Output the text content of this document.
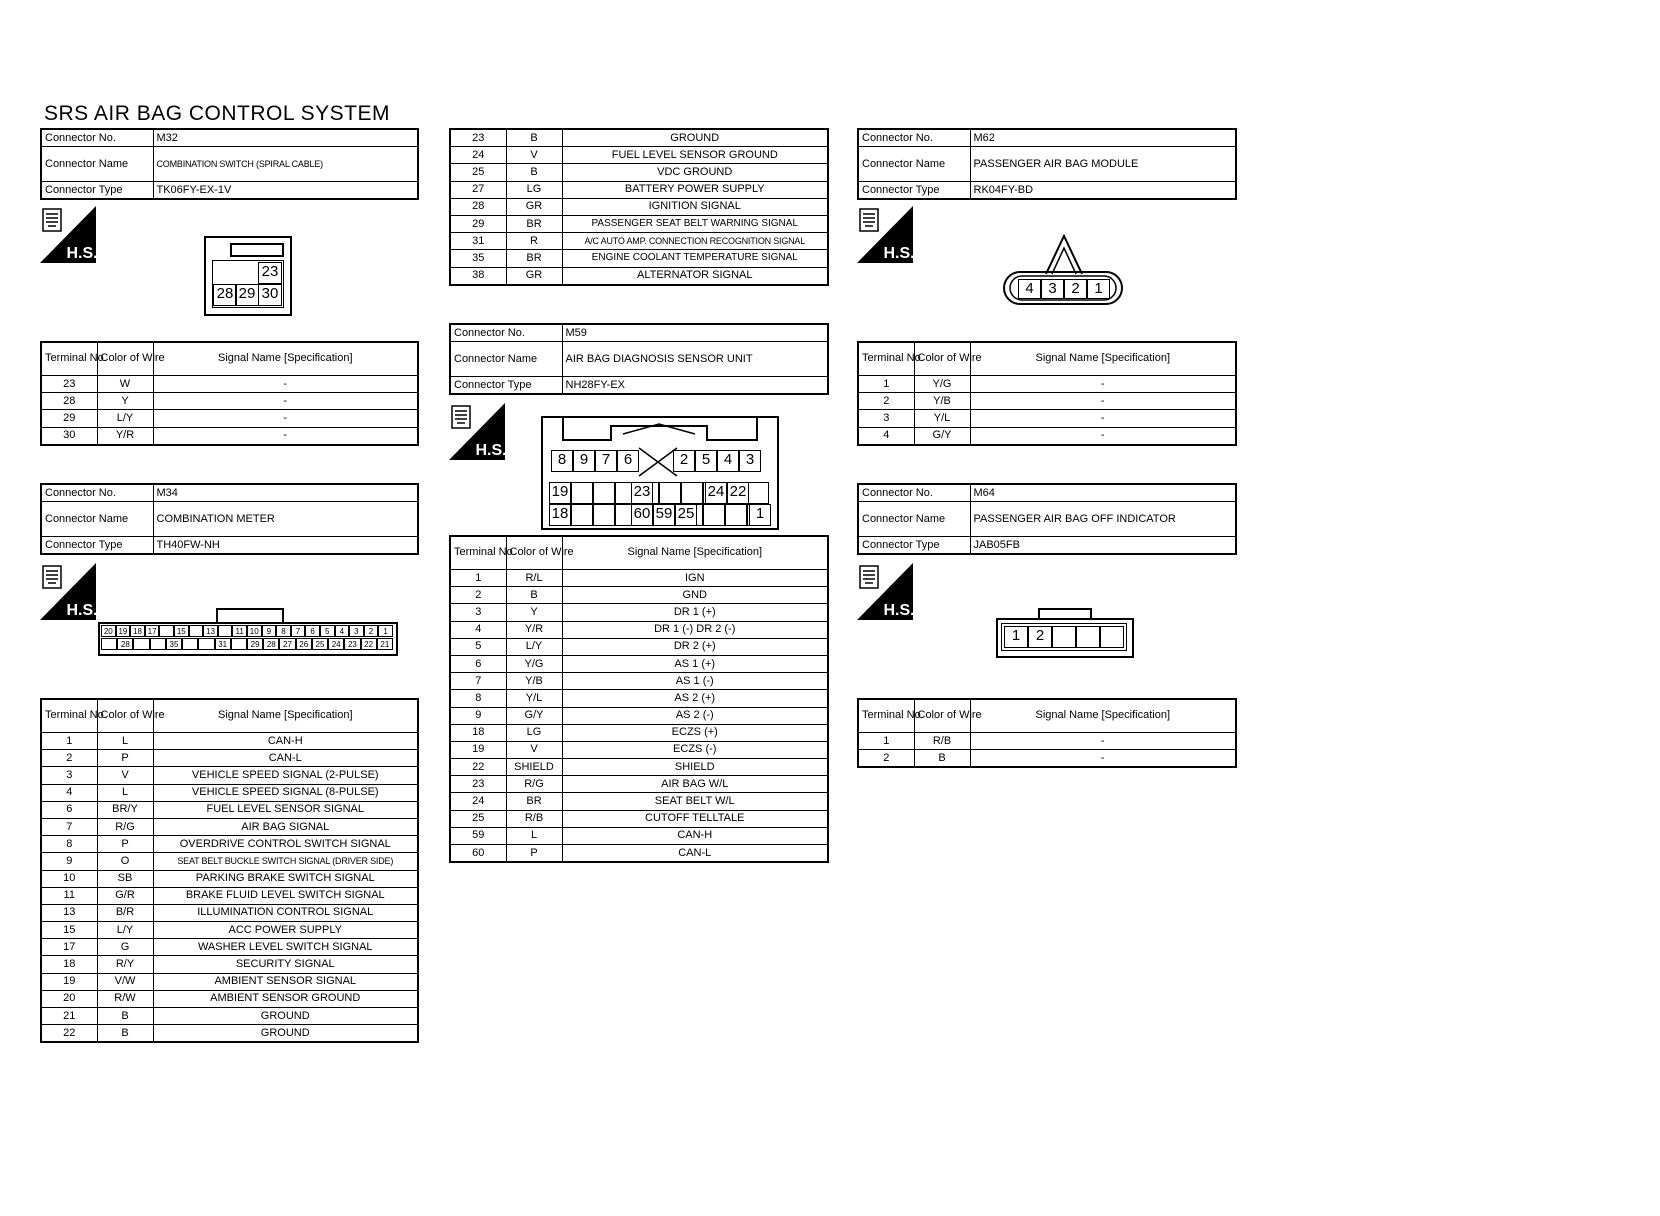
SRS AIR BAG CONTROL SYSTEM
Connector No.	M32
Connector Name	COMBINATION SWITCH (SPIRAL CABLE)
Connector Type	TK06FY-EX-1V
H.S.
23
28 29 30
Terminal No.	Color of Wire	Signal Name [Specification]
23	W	-
28	Y	-
29	L/Y	-
30	Y/R	-
Connector No.	M34
Connector Name	COMBINATION METER
Connector Type	TH40FW-NH
H.S.
20 19 18 17	15	13	11 10 9	8	7	6	5	4	3	2	1
28	35	31	29 28 27 26 25 24 23 22 21
Terminal No.	Color of Wire	Signal Name [Specification]
1	L	CAN-H
2	P	CAN-L
3	V	VEHICLE SPEED SIGNAL (2-PULSE)
4	L	VEHICLE SPEED SIGNAL (8-PULSE)
6	BR/Y	FUEL LEVEL SENSOR SIGNAL
7	R/G	AIR BAG SIGNAL
8	P	OVERDRIVE CONTROL SWITCH SIGNAL
9	O	SEAT BELT BUCKLE SWITCH SIGNAL (DRIVER SIDE)
10	SB	PARKING BRAKE SWITCH SIGNAL
11	G/R	BRAKE FLUID LEVEL SWITCH SIGNAL
13	B/R	ILLUMINATION CONTROL SIGNAL
15	L/Y	ACC POWER SUPPLY
17	G	WASHER LEVEL SWITCH SIGNAL
18	R/Y	SECURITY SIGNAL
19	V/W	AMBIENT SENSOR SIGNAL
20	R/W	AMBIENT SENSOR GROUND
21	B	GROUND
22	B	GROUND
23	B	GROUND
24	V	FUEL LEVEL SENSOR GROUND
25	B	VDC GROUND
27	LG	BATTERY POWER SUPPLY
28	GR	IGNITION SIGNAL
29	BR	PASSENGER SEAT BELT WARNING SIGNAL
31	R	A/C AUTO AMP. CONNECTION RECOGNITION SIGNAL
35	BR	ENGINE COOLANT TEMPERATURE SIGNAL
38	GR	ALTERNATOR SIGNAL
Connector No.	M59
Connector Name	AIR BAG DIAGNOSIS SENSOR UNIT
Connector Type	NH28FY-EX
H.S.
8 9 7 6	2 5 4 3
19	23	24 22
18	60 59 25	1
Terminal No.	Color of Wire	Signal Name [Specification]
1	R/L	IGN
2	B	GND
3	Y	DR 1 (+)
4	Y/R	DR 1 (-) DR 2 (-)
5	L/Y	DR 2 (+)
6	Y/G	AS 1 (+)
7	Y/B	AS 1 (-)
8	Y/L	AS 2 (+)
9	G/Y	AS 2 (-)
18	LG	ECZS (+)
19	V	ECZS (-)
22	SHIELD	SHIELD
23	R/G	AIR BAG W/L
24	BR	SEAT BELT W/L
25	R/B	CUTOFF TELLTALE
59	L	CAN-H
60	P	CAN-L
Connector No.	M62
Connector Name	PASSENGER AIR BAG MODULE
Connector Type	RK04FY-BD
H.S.
4 3 2 1
Terminal No.	Color of Wire	Signal Name [Specification]
1	Y/G	-
2	Y/B	-
3	Y/L	-
4	G/Y	-
Connector No.	M64
Connector Name	PASSENGER AIR BAG OFF INDICATOR
Connector Type	JAB05FB
H.S.
1	2
Terminal No.	Color of Wire	Signal Name [Specification]
1	R/B	-
2	B	-
